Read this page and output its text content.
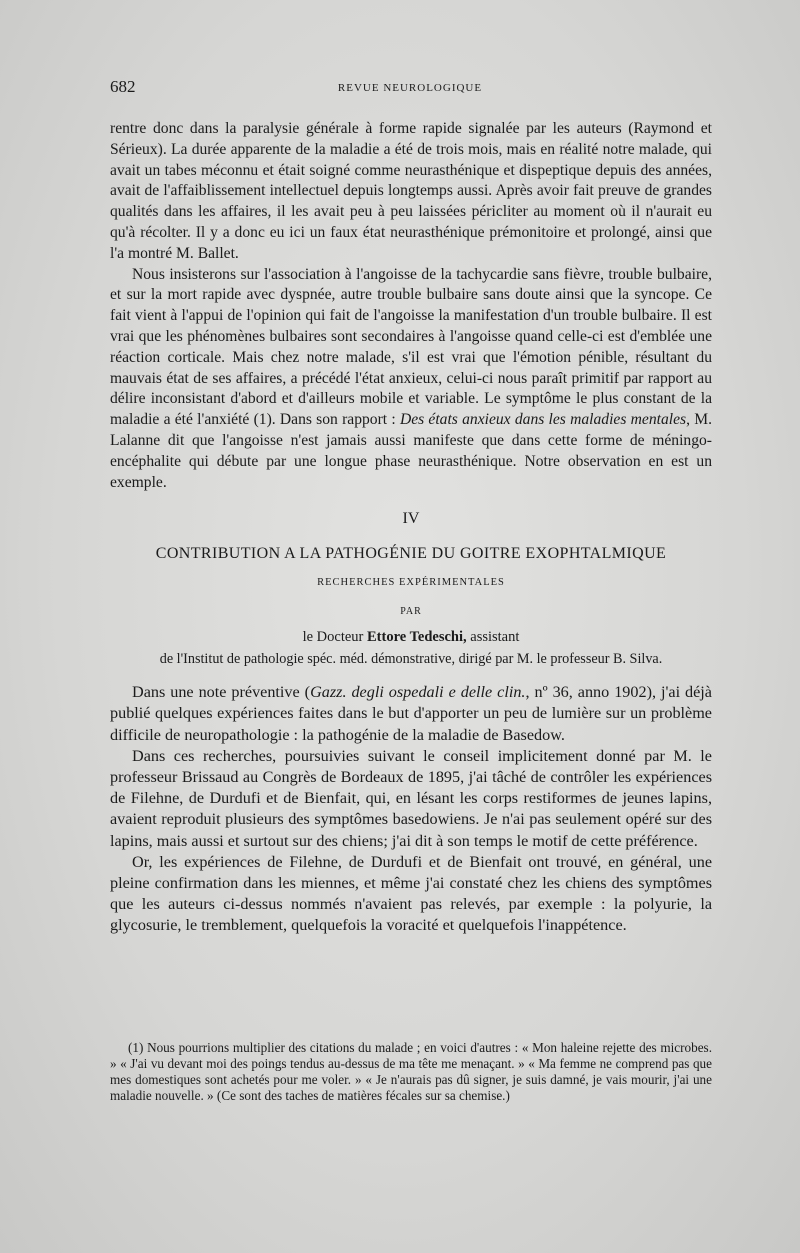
682	REVUE NEUROLOGIQUE

rentre donc dans la paralysie générale à forme rapide signalée par les auteurs (Raymond et Sérieux). La durée apparente de la maladie a été de trois mois, mais en réalité notre malade, qui avait un tabes méconnu et était soigné comme neurasthénique et dispeptique depuis des années, avait de l'affaiblissement intellectuel depuis longtemps aussi. Après avoir fait preuve de grandes qualités dans les affaires, il les avait peu à peu laissées péricliter au moment où il n'aurait eu qu'à récolter. Il y a donc eu ici un faux état neurasthénique prémonitoire et prolongé, ainsi que l'a montré M. Ballet.

Nous insisterons sur l'association à l'angoisse de la tachycardie sans fièvre, trouble bulbaire, et sur la mort rapide avec dyspnée, autre trouble bulbaire sans doute ainsi que la syncope. Ce fait vient à l'appui de l'opinion qui fait de l'angoisse la manifestation d'un trouble bulbaire. Il est vrai que les phénomènes bulbaires sont secondaires à l'angoisse quand celle-ci est d'emblée une réaction corticale. Mais chez notre malade, s'il est vrai que l'émotion pénible, résultant du mauvais état de ses affaires, a précédé l'état anxieux, celui-ci nous paraît primitif par rapport au délire inconsistant d'abord et d'ailleurs mobile et variable. Le symptôme le plus constant de la maladie a été l'anxiété (1). Dans son rapport : Des états anxieux dans les maladies mentales, M. Lalanne dit que l'angoisse n'est jamais aussi manifeste que dans cette forme de méningo-encéphalite qui débute par une longue phase neurasthénique. Notre observation en est un exemple.

IV

CONTRIBUTION A LA PATHOGÉNIE DU GOITRE EXOPHTALMIQUE

RECHERCHES EXPÉRIMENTALES

PAR

le Docteur Ettore Tedeschi, assistant

de l'Institut de pathologie spéc. méd. démonstrative, dirigé par M. le professeur B. Silva.

Dans une note préventive (Gazz. degli ospedali e delle clin., nº 36, anno 1902), j'ai déjà publié quelques expériences faites dans le but d'apporter un peu de lumière sur un problème difficile de neuropathologie : la pathogénie de la maladie de Basedow.

Dans ces recherches, poursuivies suivant le conseil implicitement donné par M. le professeur Brissaud au Congrès de Bordeaux de 1895, j'ai tâché de contrôler les expériences de Filehne, de Durdufi et de Bienfait, qui, en lésant les corps restiformes de jeunes lapins, avaient reproduit plusieurs des symptômes basedowiens. Je n'ai pas seulement opéré sur des lapins, mais aussi et surtout sur des chiens; j'ai dit à son temps le motif de cette préférence.

Or, les expériences de Filehne, de Durdufi et de Bienfait ont trouvé, en général, une pleine confirmation dans les miennes, et même j'ai constaté chez les chiens des symptômes que les auteurs ci-dessus nommés n'avaient pas relevés, par exemple : la polyurie, la glycosurie, le tremblement, quelquefois la voracité et quelquefois l'inappétence.

(1) Nous pourrions multiplier des citations du malade ; en voici d'autres : « Mon haleine rejette des microbes. » « J'ai vu devant moi des poings tendus au-dessus de ma tête me menaçant. » « Ma femme ne comprend pas que mes domestiques sont achetés pour me voler. » « Je n'aurais pas dû signer, je suis damné, je vais mourir, j'ai une maladie nouvelle. » (Ce sont des taches de matières fécales sur sa chemise.)
